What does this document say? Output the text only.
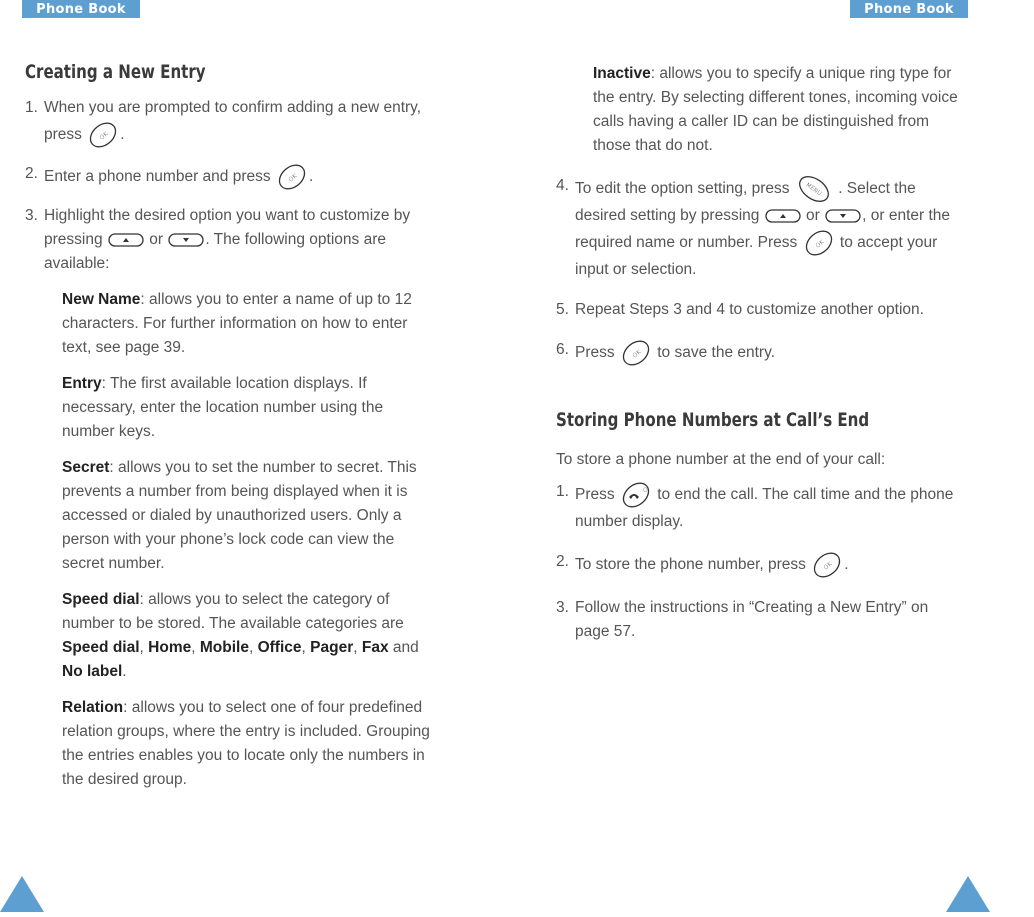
Phone Book	Phone Book
Creating a New Entry
1. When you are prompted to confirm adding a new entry, press	OK .
2. Enter a phone number and press	OK .
3. Highlight the desired option you want to customize by pressing	or	. The following options are available:
New Name: allows you to enter a name of up to 12 characters. For further information on how to enter text, see page 39.
Entry: The first available location displays. If necessary, enter the location number using the number keys.
Secret: allows you to set the number to secret. This prevents a number from being displayed when it is accessed or dialed by unauthorized users. Only a person with your phone’s lock code can view the secret number.
Speed dial: allows you to select the category of number to be stored. The available categories are Speed dial, Home, Mobile, Office, Pager, Fax and No label.
Relation: allows you to select one of four predefined relation groups, where the entry is included. Grouping the entries enables you to locate only the numbers in the desired group.
Inactive: allows you to specify a unique ring type for the entry. By selecting different tones, incoming voice calls having a caller ID can be distinguished from those that do not.
4. To edit the option setting, press MENU . Select the desired setting by pressing	or	, or enter the required name or number. Press	OK to accept your input or selection.
5. Repeat Steps 3 and 4 to customize another option.
6. Press	OK to save the entry.
Storing Phone Numbers at Call’s End
To store a phone number at the end of your call:
1. Press	O to end the call. The call time and the phone number display.
2. To store the phone number, press	OK .
3. Follow the instructions in “Creating a New Entry” on page 57.
56	57
